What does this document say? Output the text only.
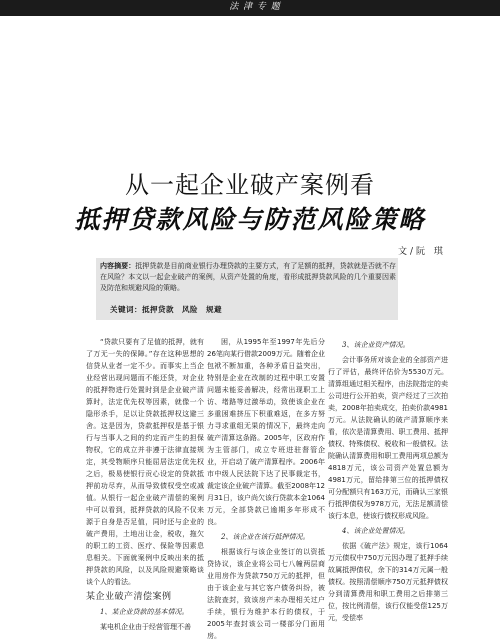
法 津 专 题
从一起企业破产案例看
抵押贷款风险与防范风险策略
文/阮 琪
内容摘要：抵押贷款是目前商业银行办理贷款的主要方式，有了足额的抵押，贷款就是否就不存在风险？本文以一起企业破产的案例，从资产处置的角度，看形成抵押贷款风险的几个重要因素及防范和规避风险的策略。
关键词：抵押贷款　风险　规避

“贷款只要有了足值的抵押，就有了万无一失的保障。”存在这种思想的信贷从业者一定不少。而事实上当企业经营出现问题而不能还贷，对企业的抵押物进行处置时到是企业破产清算时，法定优先权等因素，就像一个隐形杀手，足以让贷款抵押权这避三舍。这是因为，贷款抵押权是基于银行与当事人之间的约定而产生的担保物权，它的成立并非遵于法律直接规定，其受物顺序只能屈居法定优先权之后，极易使银行贡心设定的贷款抵押前功尽弃，从而导致债权受空或减值。从银行一起企业破产清偿的案例中可以看到，抵押贷款的风险不仅来源于自身是否足值，同时还与企业的破产费用，土地出让金，税收，拖欠的职工的工资、医疗、保险等因素息息相关。下面就案例中反映出来的抵押贷款的风险，以及风险规避策略谈谈个人的看法。

某企业破产清偿案例

1、某企业贷款的基本情况。

某电机企业由于经营管理不善

困，从1995年至1997年先后分26笔向某行借款2009万元。随着企业包袱不断加重，各种矛盾日益突出，特别是企业在改制的过程中职工安置问题未能妥善解决，经常出现职工上访、堵路等过激举动，致使该企业在多重困难挤压下积重难返，在多方努力寻求重组无果的情况下，最终走向破产清算这条路。2005年，区政府作为主管部门，成立专班进驻督管企业，开启动了破产清算程序。2006年市中级人民法院下达了民事裁定书，裁定该企业破产清算。截至2008年12月31日，该户尚欠该行贷款本金1064万元，全部贷款已逾期多年形成不良。

2、该企业在该行抵押情况。

根据该行与该企业签订的以资抵贷协议，该企业将公司七八幢两层商业用房作为贷款750万元的抵押，但由于该企业与其它客户债务纠纷，被法院查封，致该房产未办理相关过户手续，银行为维护本行的债权，于2005年查封该公司一楼部分门面用房。

3、该企业资产情况。

会计事务所对该企业的全部资产进行了评估，最终评估价为5530万元。清算组通过相关程序，由法院指定的卖公司进行公开拍卖，资产经过了三次拍卖，2008年拍卖成交，拍卖价款4981万元。从法院确认的破产清算顺序来看，依次是清算费用、职工费用、抵押债权、特殊债权、税收和一般债权。法院确认清算费用和职工费用两项总额为4818万元，该公司资产处置总额为4981万元，留给排第三位的抵押债权可分配额只有163万元，而确认三家银行抵押债权为978万元，无法足额清偿该行本息，使该行债权形成风险。

4、该企业处置情况。

依据《破产法》规定，该行1064万元债权中750万元因办理了抵押手续故属抵押债权，余下的314万元属一般债权。按照清偿顺序750万元抵押债权分到清算费用和职工费用之后排第三位，按比例清偿，该行仅能受偿125万元，受偿率
